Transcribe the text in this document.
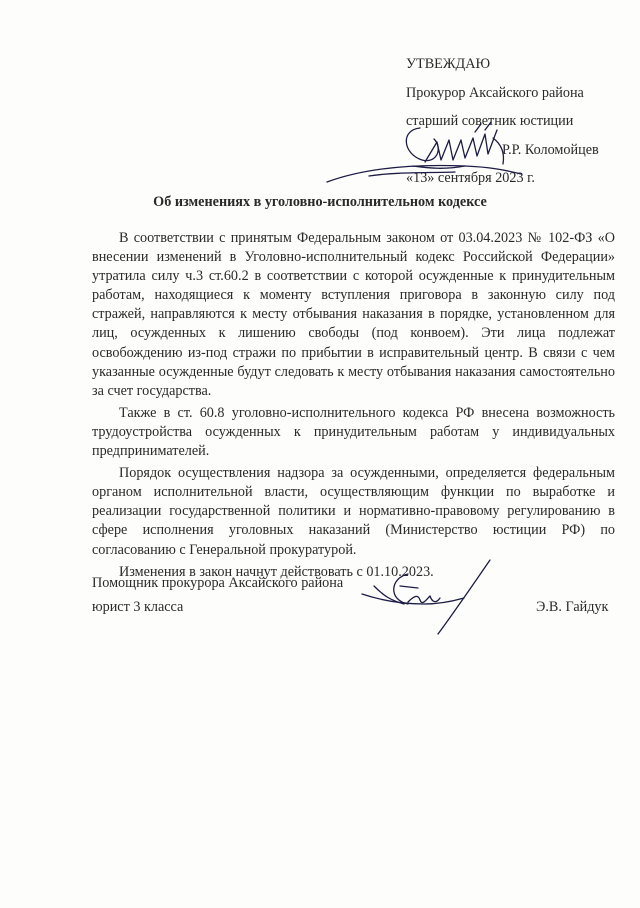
УТВЕЖДАЮ
Прокурор Аксайского района
старший советник юстиции
Р.Р. Коломойцев
«13» сентября 2023 г.
Об изменениях в уголовно-исполнительном кодексе

В соответствии с принятым Федеральным законом от 03.04.2023 № 102-ФЗ «О внесении изменений в Уголовно-исполнительный кодекс Российской Федерации» утратила силу ч.3 ст.60.2 в соответствии с которой осужденные к принудительным работам, находящиеся к моменту вступления приговора в законную силу под стражей, направляются к месту отбывания наказания в порядке, установленном для лиц, осужденных к лишению свободы (под конвоем). Эти лица подлежат освобождению из-под стражи по прибытии в исправительный центр. В связи с чем указанные осужденные будут следовать к месту отбывания наказания самостоятельно за счет государства.

Также в ст. 60.8 уголовно-исполнительного кодекса РФ внесена возможность трудоустройства осужденных к принудительным работам у индивидуальных предпринимателей.

Порядок осуществления надзора за осужденными, определяется федеральным органом исполнительной власти, осуществляющим функции по выработке и реализации государственной политики и нормативно-правовому регулированию в сфере исполнения уголовных наказаний (Министерство юстиции РФ) по согласованию с Генеральной прокуратурой.

Изменения в закон начнут действовать с 01.10.2023.

Помощник прокурора Аксайского района
юрист 3 класса	Э.В. Гайдук
